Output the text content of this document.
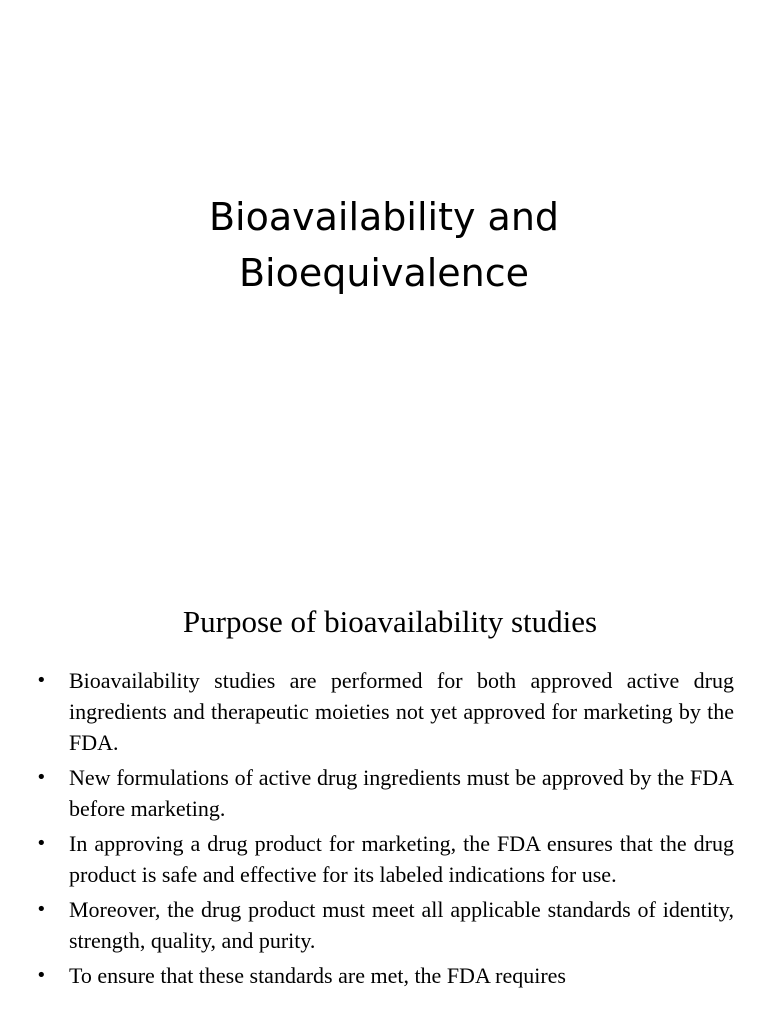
Bioavailability and
Bioequivalence
Purpose of bioavailability studies
•	Bioavailability studies are performed for both approved active drug ingredients and therapeutic moieties not yet approved for marketing by the FDA.
•	New formulations of active drug ingredients must be approved by the FDA before marketing.
•	In approving a drug product for marketing, the FDA ensures that the drug product is safe and effective for its labeled indications for use.
•	Moreover, the drug product must meet all applicable standards of identity, strength, quality, and purity.
•	To ensure that these standards are met, the FDA requires
